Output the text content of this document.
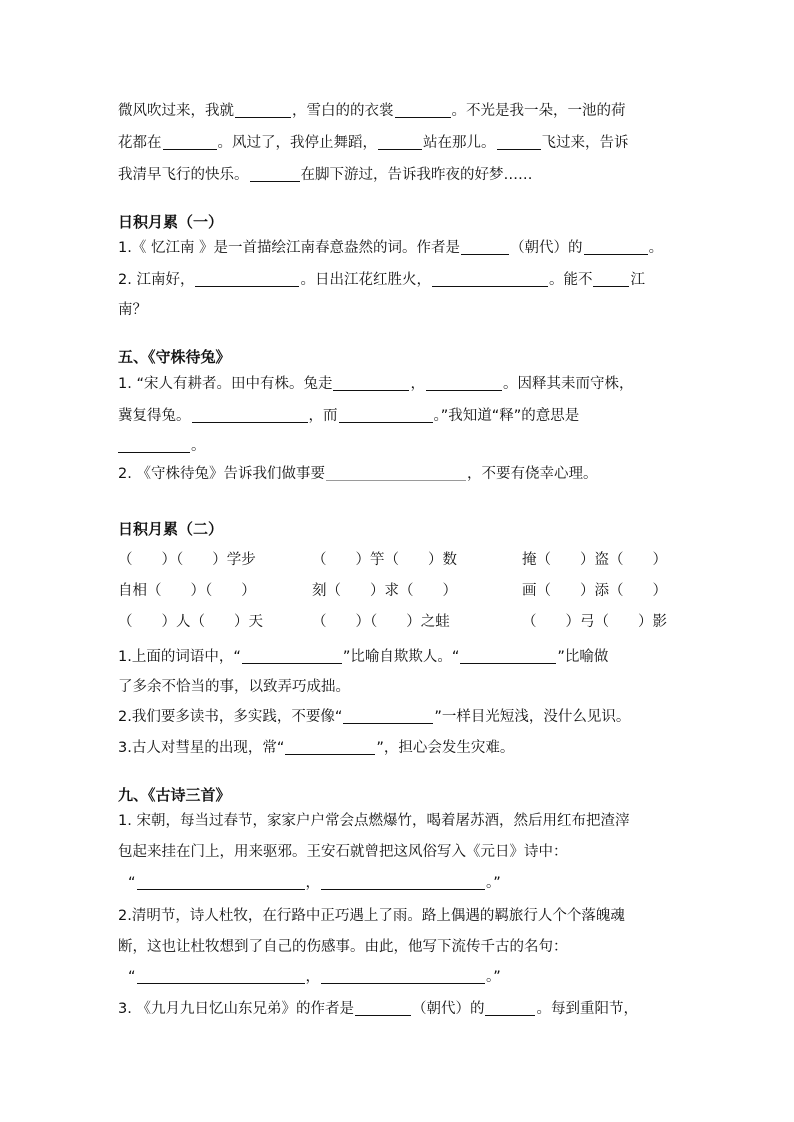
微风吹过来，我就	，雪白的的衣裳	。不光是我一朵，一池的荷
花都在	。风过了，我停止舞蹈，	站在那儿。	飞过来，告诉
我清早飞行的快乐。	在脚下游过，告诉我昨夜的好梦……
日积月累（一）
1.《 忆江南 》是一首描绘江南春意盎然的词。作者是	（朝代）的	。
2. 江南好，	。日出江花红胜火，	。能不	江
南？
五、《守株待兔》
1. “宋人有耕者。田中有株。兔走	，	。因释其耒而守株，
冀复得兔。	，而	。”我知道“释”的意思是
。
2. 《守株待兔》告诉我们做事要	，不要有侥幸心理。
日积月累（二）
（　　）（　　）学步	（　　）竽（　　）数	掩（　　）盗（　　）
自相（　　）（　　）	刻（　　）求（　　）	画（　　）添（　　）
（　　）人（　　）天	（　　）（　　）之蛙	（　　）弓（　　）影
1.上面的词语中，“	”比喻自欺欺人。“	”比喻做
了多余不恰当的事，以致弄巧成拙。
2.我们要多读书，多实践，不要像“	”一样目光短浅，没什么见识。
3.古人对彗星的出现，常“	”，担心会发生灾难。
九、《古诗三首》
1. 宋朝，每当过春节，家家户户常会点燃爆竹，喝着屠苏酒，然后用红布把渣滓
包起来挂在门上，用来驱邪。王安石就曾把这风俗写入《元日》诗中：
“	，	。”
2.清明节，诗人杜牧，在行路中正巧遇上了雨。路上偶遇的羁旅行人个个落魄魂
断，这也让杜牧想到了自己的伤感事。由此，他写下流传千古的名句：
“	，	。”
3. 《九月九日忆山东兄弟》的作者是	（朝代）的	。每到重阳节，
